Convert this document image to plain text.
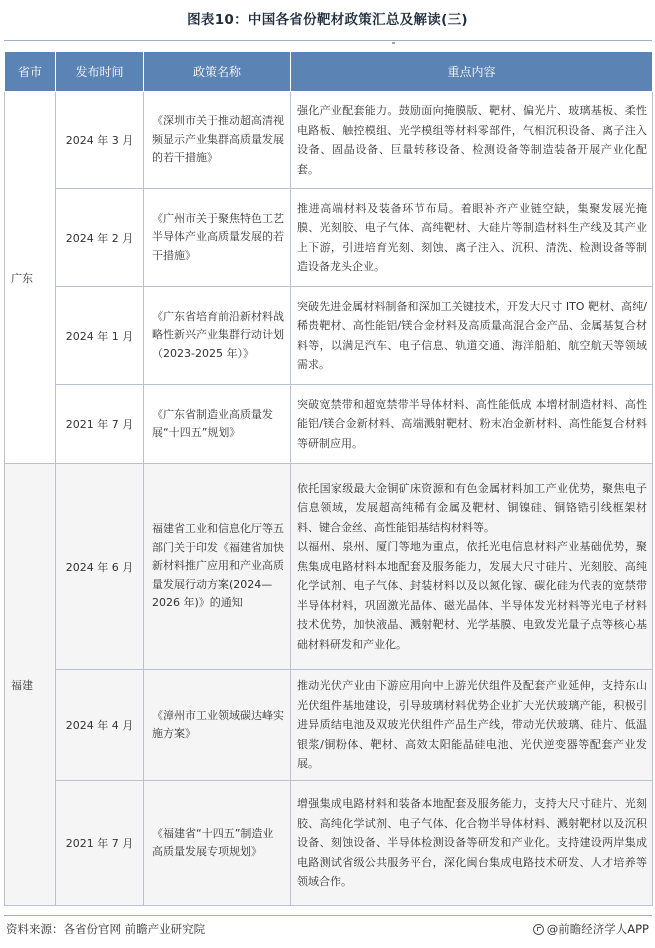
图表10：中国各省份靶材政策汇总及解读(三)
省市	发布时间	政策名称	重点内容
广东	2024 年 3 月	《深圳市关于推动超高清视频显示产业集群高质量发展的若干措施》	强化产业配套能力。鼓励面向掩膜版、靶材、偏光片、玻璃基板、柔性电路板、触控模组、光学模组等材料零部件，气相沉积设备、离子注入设备、固晶设备、巨量转移设备、检测设备等制造装备开展产业化配套。

	2024 年 2 月	《广州市关于聚焦特色工艺半导体产业高质量发展的若干措施》	推进高端材料及装备环节布局。着眼补齐产业链空缺，集聚发展光掩膜、光刻胶、电子气体、高纯靶材、大硅片等制造材料生产线及其产业上下游，引进培育光刻、刻蚀、离子注入、沉积、清洗、检测设备等制造设备龙头企业。

	2024 年 1 月	《广东省培育前沿新材料战略性新兴产业集群行动计划（2023-2025 年）》	突破先进金属材料制备和深加工关键技术，开发大尺寸 ITO 靶材、高纯/稀贵靶材、高性能铝/镁合金材料及高质量高混合金产品、金属基复合材料等，以满足汽车、电子信息、轨道交通、海洋船舶、航空航天等领域需求。

	2021 年 7 月	《广东省制造业高质量发展“十四五”规划》	突破宽禁带和超宽禁带半导体材料、高性能低成 本增材制造材料、高性能铝/镁合金新材料、高端溅射靶材、粉末冶金新材料、高性能复合材料等研制应用。

福建	2024 年 6 月	福建省工业和信息化厅等五部门关于印发《福建省加快新材料推广应用和产业高质量发展行动方案(2024—2026 年)》的通知	依托国家级最大金铜矿床资源和有色金属材料加工产业优势，聚焦电子信息领域，发展超高纯稀有金属及靶材、铜镍硅、铜铬锆引线框架材料、键合金丝、高性能铝基结构材料等。
以福州、泉州、厦门等地为重点，依托光电信息材料产业基础优势，聚焦集成电路材料本地配套及服务能力，发展大尺寸硅片、光刻胶、高纯化学试剂、电子气体、封装材料以及以氮化镓、碳化硅为代表的宽禁带半导体材料，巩固激光晶体、磁光晶体、半导体发光材料等光电子材料技术优势，加快液晶、溅射靶材、光学基膜、电致发光量子点等核心基础材料研发和产业化。

	2024 年 4 月	《漳州市工业领域碳达峰实施方案》	推动光伏产业由下游应用向中上游光伏组件及配套产业延伸，支持东山光伏组件基地建设，引导玻璃材料优势企业扩大光伏玻璃产能，积极引进异质结电池及双玻光伏组件产品生产线，带动光伏玻璃、硅片、低温银浆/铜粉体、靶材、高效太阳能晶硅电池、光伏逆变器等配套产业发展。

	2021 年 7 月	《福建省“十四五”制造业高质量发展专项规划》	增强集成电路材料和装备本地配套及服务能力，支持大尺寸硅片、光刻胶、高纯化学试剂、电子气体、化合物半导体材料、溅射靶材以及沉积设备、刻蚀设备、半导体检测设备等研发和产业化。支持建设两岸集成电路测试省级公共服务平台，深化闽台集成电路技术研发、人才培养等领域合作。
资料来源：各省份官网 前瞻产业研究院	@前瞻经济学人APP
